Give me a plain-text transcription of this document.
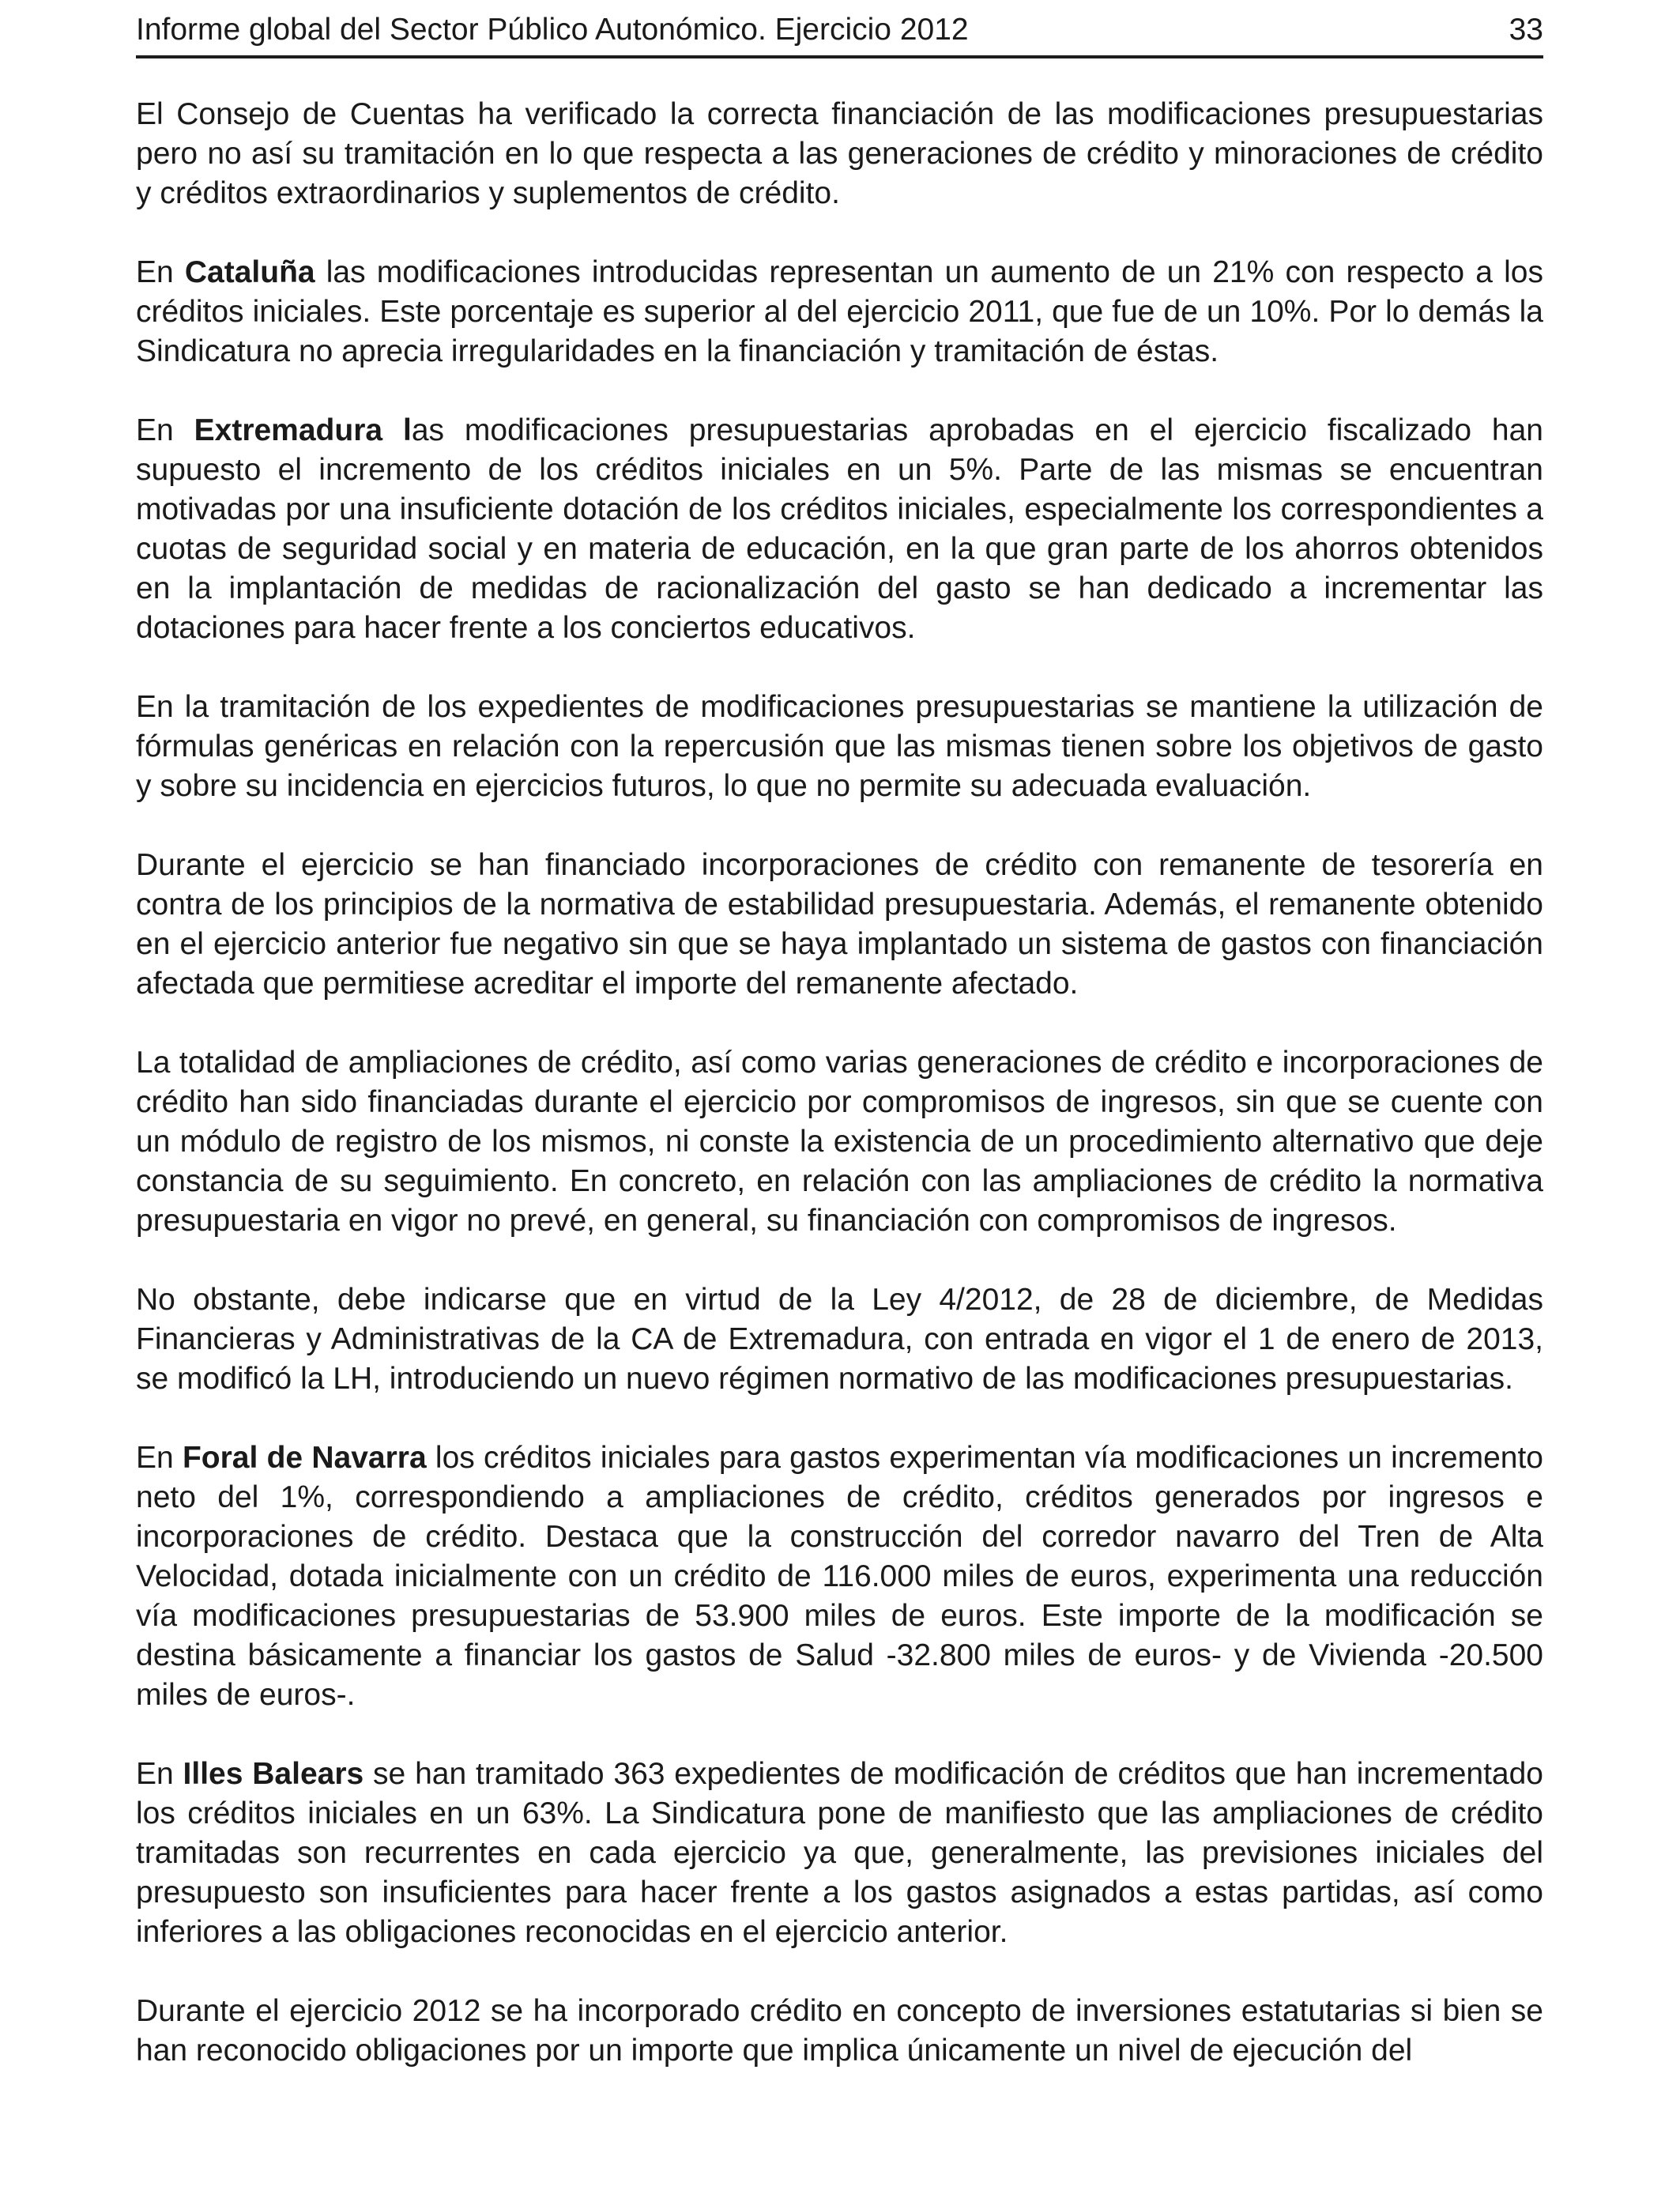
Informe global del Sector Público Autonómico. Ejercicio 2012	33

El Consejo de Cuentas ha verificado la correcta financiación de las modificaciones presupuestarias pero no así su tramitación en lo que respecta a las generaciones de crédito y minoraciones de crédito y créditos extraordinarios y suplementos de crédito.

En Cataluña las modificaciones introducidas representan un aumento de un 21% con respecto a los créditos iniciales. Este porcentaje es superior al del ejercicio 2011, que fue de un 10%. Por lo demás la Sindicatura no aprecia irregularidades en la financiación y tramitación de éstas.

En Extremadura las modificaciones presupuestarias aprobadas en el ejercicio fiscalizado han supuesto el incremento de los créditos iniciales en un 5%. Parte de las mismas se encuentran motivadas por una insuficiente dotación de los créditos iniciales, especialmente los correspondientes a cuotas de seguridad social y en materia de educación, en la que gran parte de los ahorros obtenidos en la implantación de medidas de racionalización del gasto se han dedicado a incrementar las dotaciones para hacer frente a los conciertos educativos.

En la tramitación de los expedientes de modificaciones presupuestarias se mantiene la utilización de fórmulas genéricas en relación con la repercusión que las mismas tienen sobre los objetivos de gasto y sobre su incidencia en ejercicios futuros, lo que no permite su adecuada evaluación.

Durante el ejercicio se han financiado incorporaciones de crédito con remanente de tesorería en contra de los principios de la normativa de estabilidad presupuestaria. Además, el remanente obtenido en el ejercicio anterior fue negativo sin que se haya implantado un sistema de gastos con financiación afectada que permitiese acreditar el importe del remanente afectado.

La totalidad de ampliaciones de crédito, así como varias generaciones de crédito e incorporaciones de crédito han sido financiadas durante el ejercicio por compromisos de ingresos, sin que se cuente con un módulo de registro de los mismos, ni conste la existencia de un procedimiento alternativo que deje constancia de su seguimiento. En concreto, en relación con las ampliaciones de crédito la normativa presupuestaria en vigor no prevé, en general, su financiación con compromisos de ingresos.

No obstante, debe indicarse que en virtud de la Ley 4/2012, de 28 de diciembre, de Medidas Financieras y Administrativas de la CA de Extremadura, con entrada en vigor el 1 de enero de 2013, se modificó la LH, introduciendo un nuevo régimen normativo de las modificaciones presupuestarias.

En Foral de Navarra los créditos iniciales para gastos experimentan vía modificaciones un incremento neto del 1%, correspondiendo a ampliaciones de crédito, créditos generados por ingresos e incorporaciones de crédito. Destaca que la construcción del corredor navarro del Tren de Alta Velocidad, dotada inicialmente con un crédito de 116.000 miles de euros, experimenta una reducción vía modificaciones presupuestarias de 53.900 miles de euros. Este importe de la modificación se destina básicamente a financiar los gastos de Salud -32.800 miles de euros- y de Vivienda -20.500 miles de euros-.

En Illes Balears se han tramitado 363 expedientes de modificación de créditos que han incrementado los créditos iniciales en un 63%. La Sindicatura pone de manifiesto que las ampliaciones de crédito tramitadas son recurrentes en cada ejercicio ya que, generalmente, las previsiones iniciales del presupuesto son insuficientes para hacer frente a los gastos asignados a estas partidas, así como inferiores a las obligaciones reconocidas en el ejercicio anterior.

Durante el ejercicio 2012 se ha incorporado crédito en concepto de inversiones estatutarias si bien se han reconocido obligaciones por un importe que implica únicamente un nivel de ejecución del
